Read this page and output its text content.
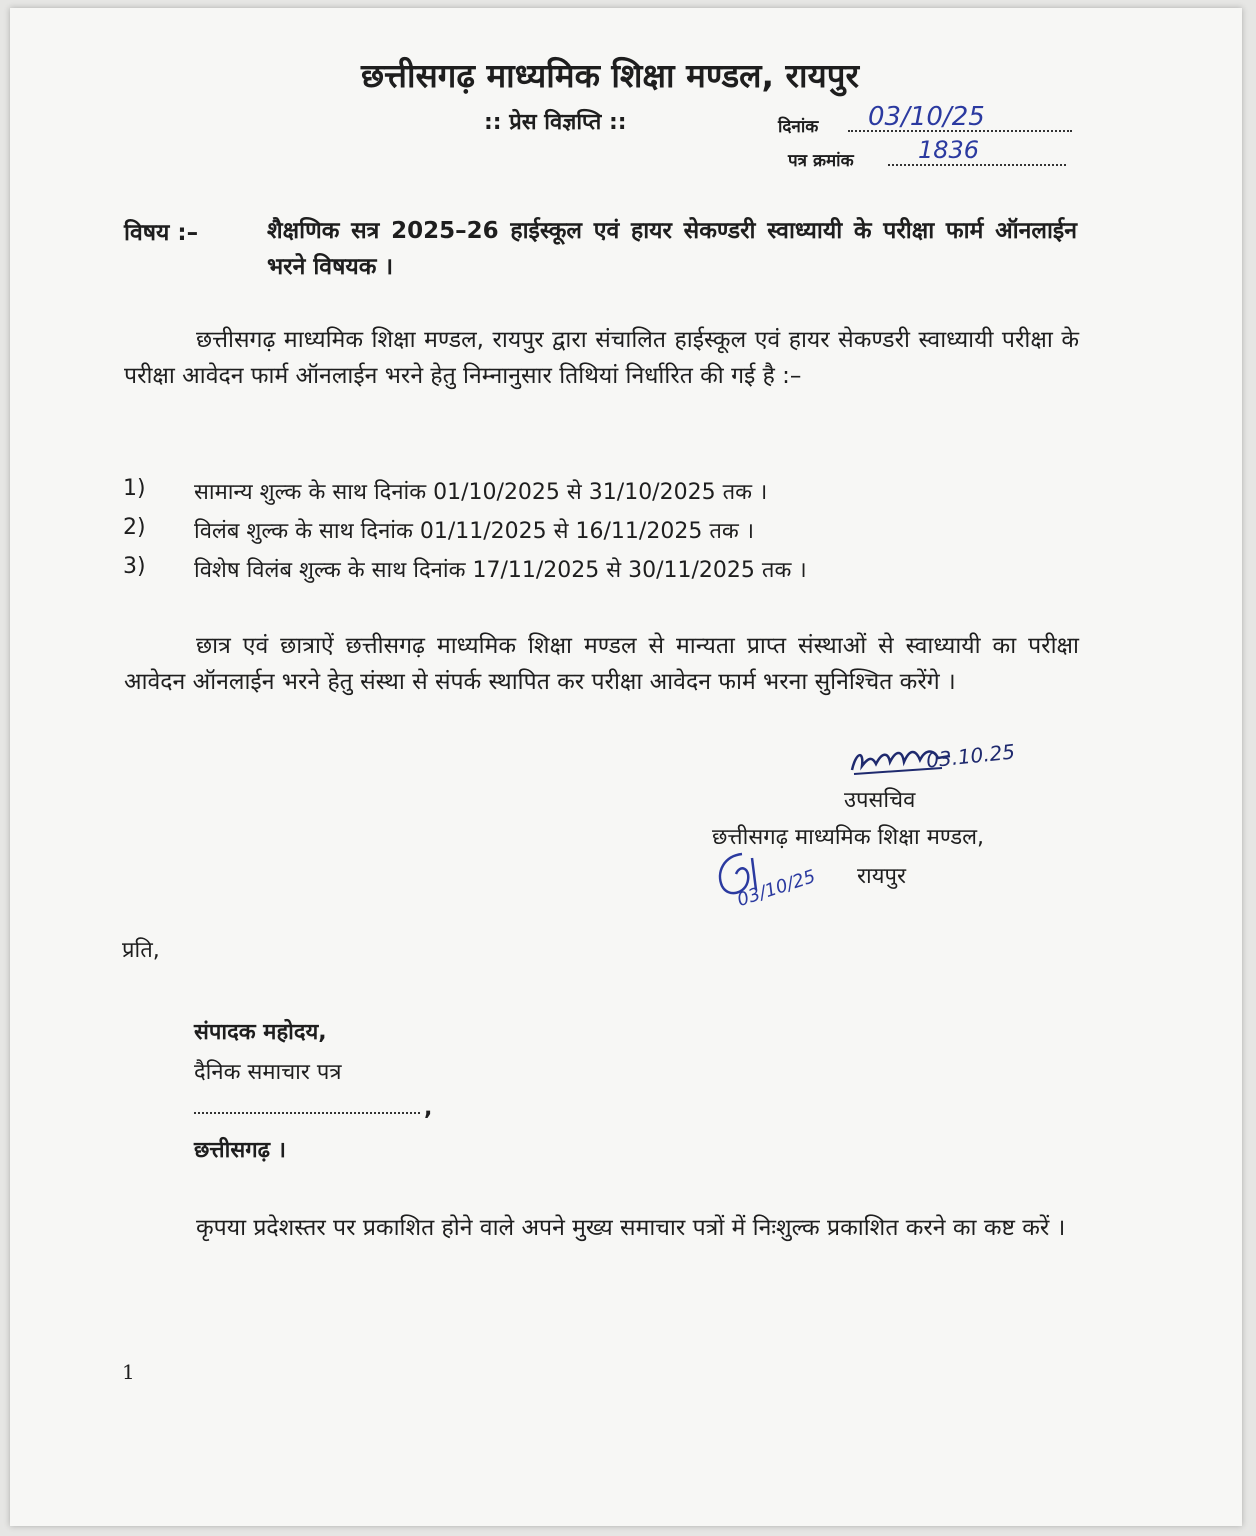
छत्तीसगढ़ माध्यमिक शिक्षा मण्डल, रायपुर
:: प्रेस विज्ञप्ति ::	दिनांक 03/10/25
पत्र क्रमांक	1836
विषय :–	शैक्षणिक सत्र 2025–26 हाईस्कूल एवं हायर सेकण्डरी स्वाध्यायी के परीक्षा फार्म ऑनलाईन भरने विषयक ।
छत्तीसगढ़ माध्यमिक शिक्षा मण्डल, रायपुर द्वारा संचालित हाईस्कूल एवं हायर सेकण्डरी स्वाध्यायी परीक्षा के परीक्षा आवेदन फार्म ऑनलाईन भरने हेतु निम्नानुसार तिथियां निर्धारित की गई है :–
1) सामान्य शुल्क के साथ दिनांक 01/10/2025 से 31/10/2025 तक ।
2) विलंब शुल्क के साथ दिनांक 01/11/2025 से 16/11/2025 तक ।
3) विशेष विलंब शुल्क के साथ दिनांक 17/11/2025 से 30/11/2025 तक ।
छात्र एवं छात्राऐं छत्तीसगढ़ माध्यमिक शिक्षा मण्डल से मान्यता प्राप्त संस्थाओं से स्वाध्यायी का परीक्षा आवेदन ऑनलाईन भरने हेतु संस्था से संपर्क स्थापित कर परीक्षा आवेदन फार्म भरना सुनिश्चित करेंगे ।
03.10.25
उपसचिव
छत्तीसगढ़ माध्यमिक शिक्षा मण्डल,
रायपुर
03/10/25
प्रति,
संपादक महोदय,
दैनिक समाचार पत्र
,
छत्तीसगढ़ ।
कृपया प्रदेशस्तर पर प्रकाशित होने वाले अपने मुख्य समाचार पत्रों में निःशुल्क प्रकाशित करने का कष्ट करें ।
1
